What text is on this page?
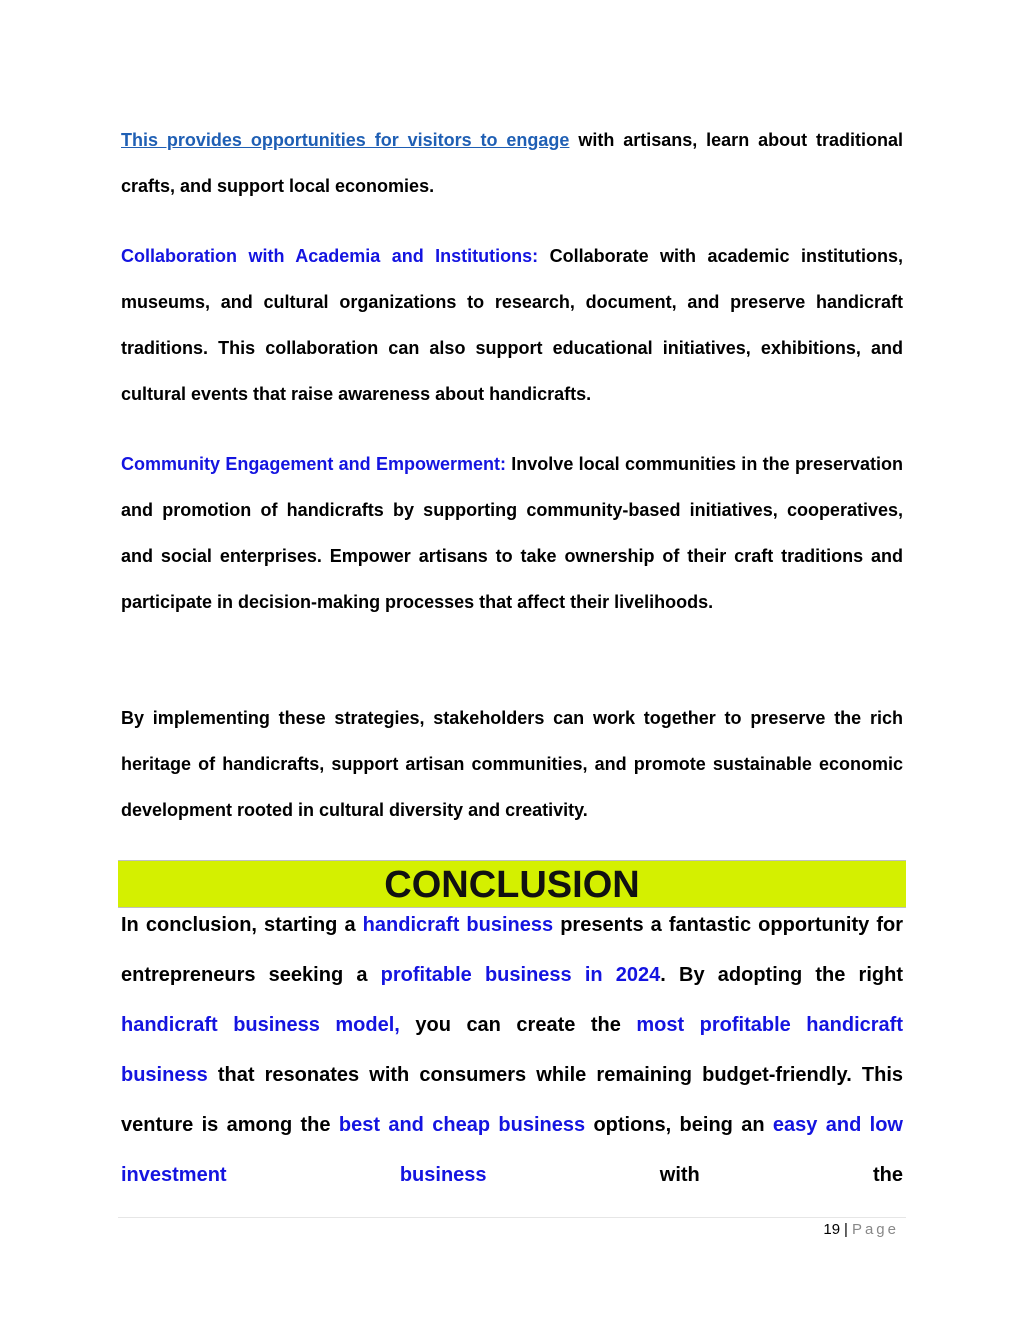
This provides opportunities for visitors to engage with artisans, learn about traditional crafts, and support local economies.
Collaboration with Academia and Institutions: Collaborate with academic institutions, museums, and cultural organizations to research, document, and preserve handicraft traditions. This collaboration can also support educational initiatives, exhibitions, and cultural events that raise awareness about handicrafts.
Community Engagement and Empowerment: Involve local communities in the preservation and promotion of handicrafts by supporting community-based initiatives, cooperatives, and social enterprises. Empower artisans to take ownership of their craft traditions and participate in decision-making processes that affect their livelihoods.
By implementing these strategies, stakeholders can work together to preserve the rich heritage of handicrafts, support artisan communities, and promote sustainable economic development rooted in cultural diversity and creativity.
CONCLUSION
In conclusion, starting a handicraft business presents a fantastic opportunity for entrepreneurs seeking a profitable business in 2024. By adopting the right handicraft business model, you can create the most profitable handicraft business that resonates with consumers while remaining budget-friendly. This venture is among the best and cheap business options, being an easy and low investment business with the
19 | Page
